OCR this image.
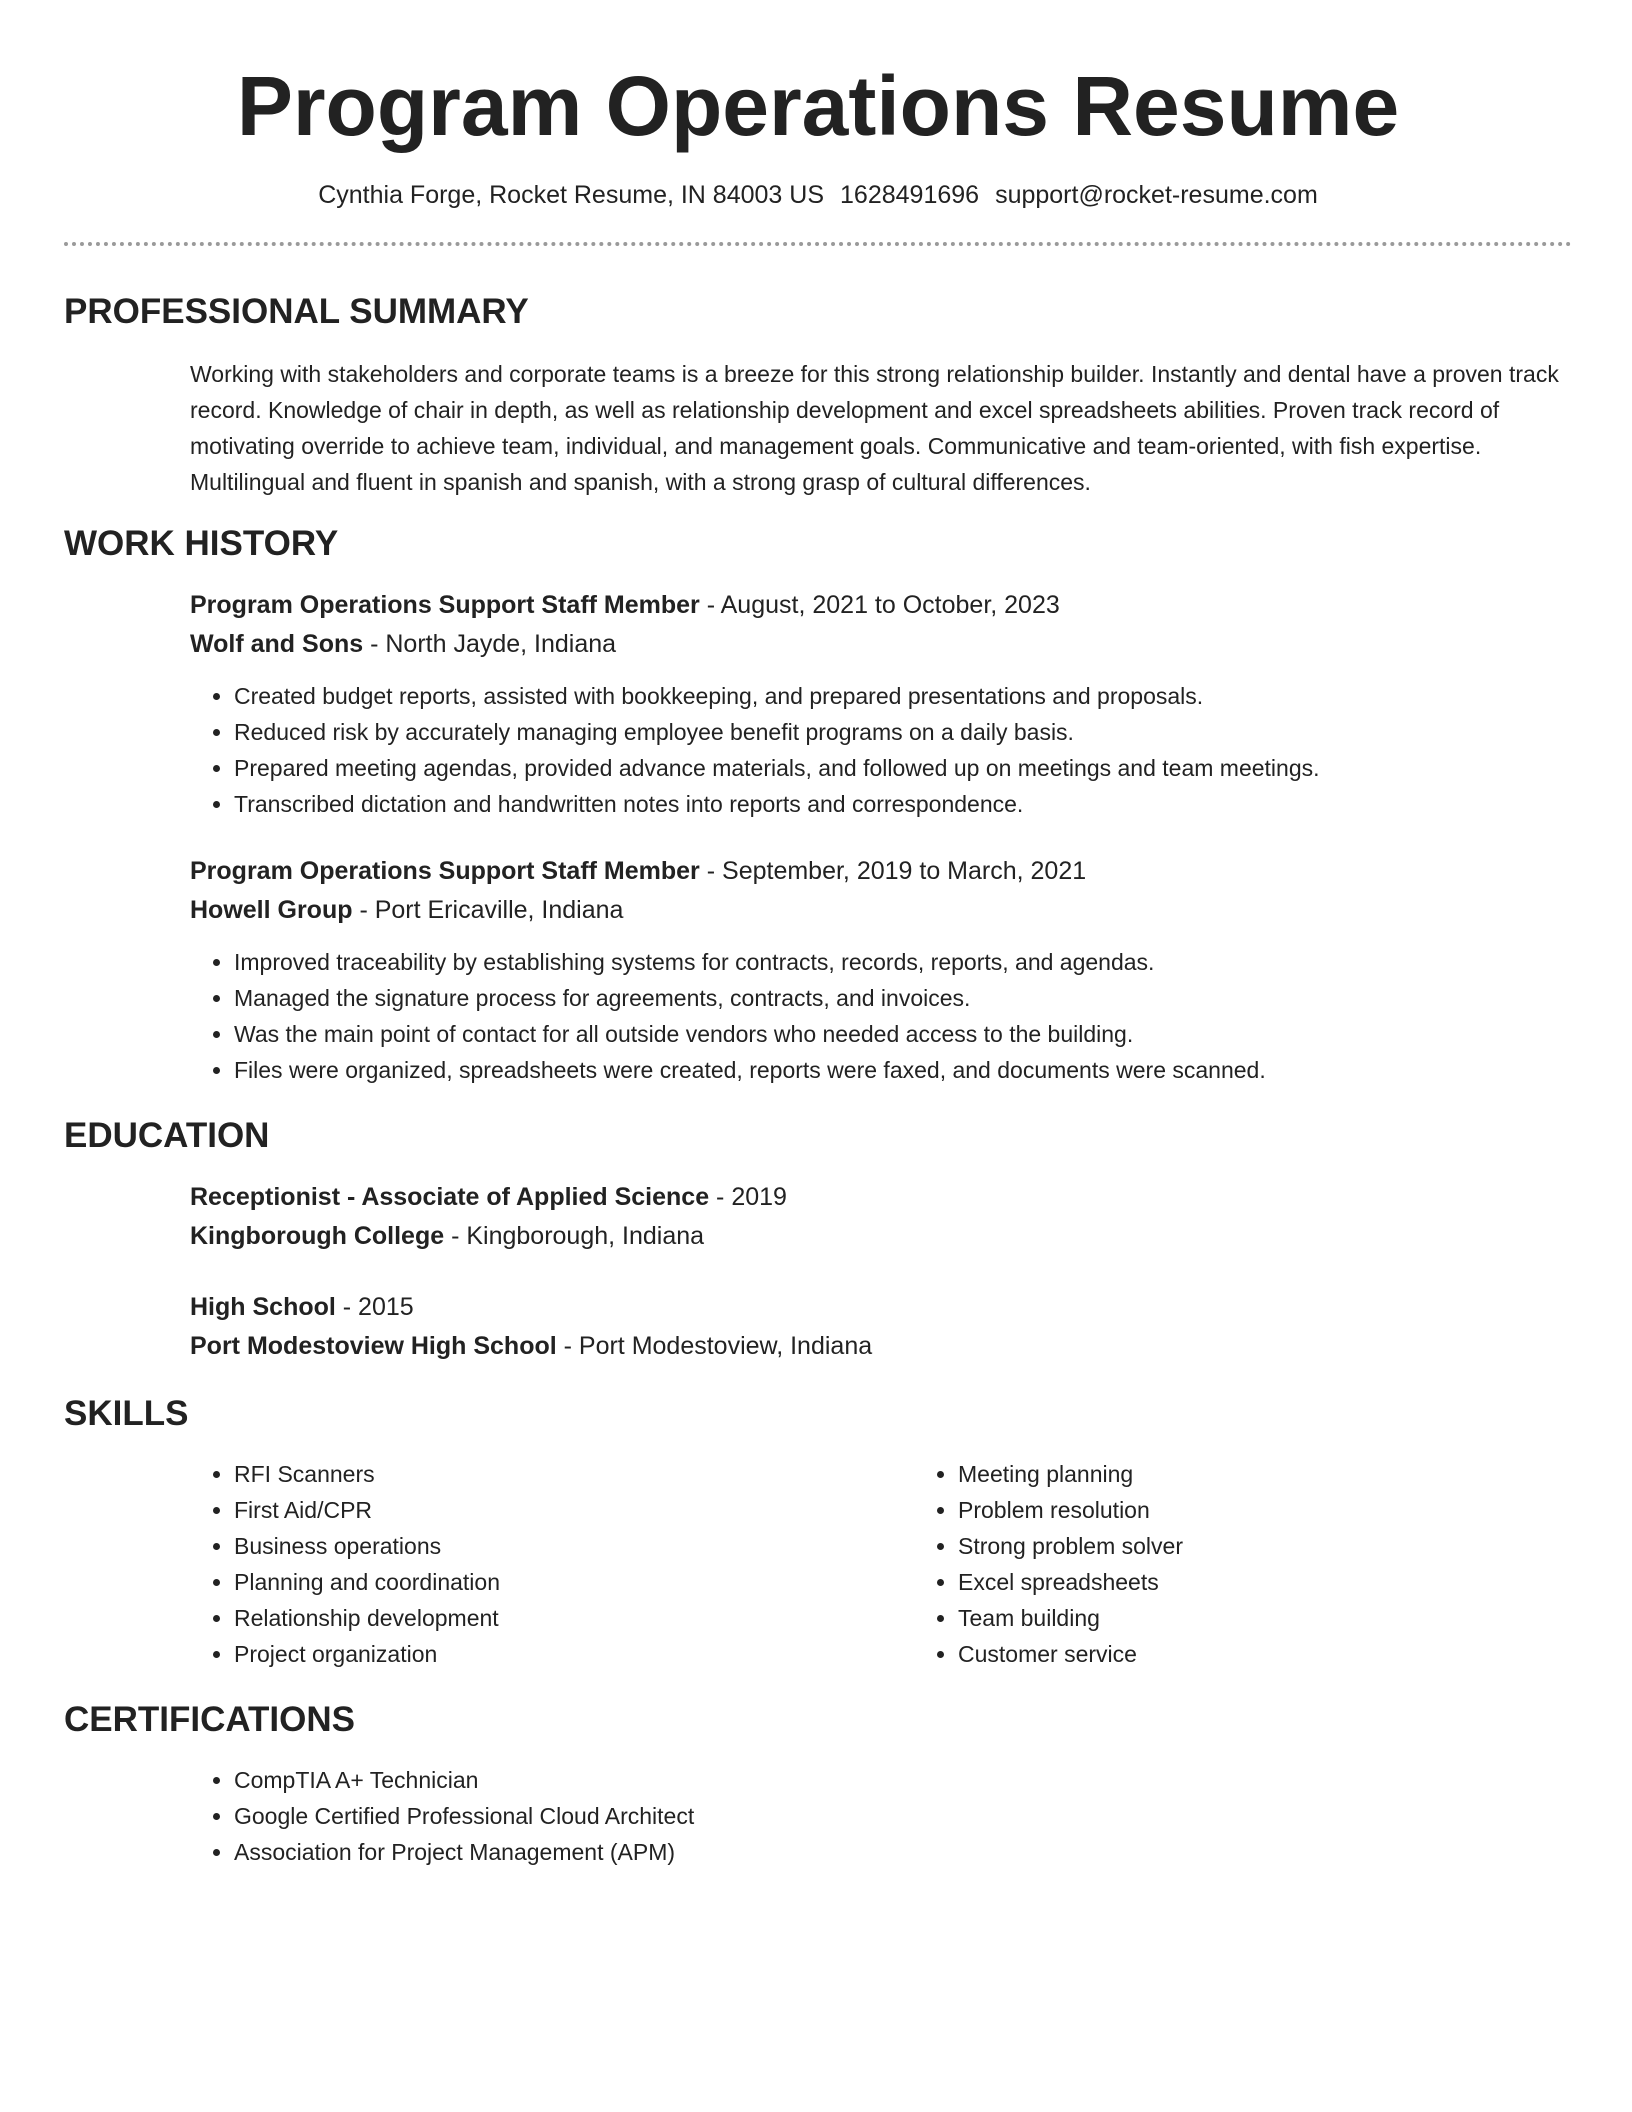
Program Operations Resume
Cynthia Forge, Rocket Resume, IN 84003 US 1628491696 support@rocket-resume.com
PROFESSIONAL SUMMARY

Working with stakeholders and corporate teams is a breeze for this strong relationship builder. Instantly and dental have a proven track record. Knowledge of chair in depth, as well as relationship development and excel spreadsheets abilities. Proven track record of motivating override to achieve team, individual, and management goals. Communicative and team-oriented, with fish expertise. Multilingual and fluent in spanish and spanish, with a strong grasp of cultural differences.

WORK HISTORY

Program Operations Support Staff Member - August, 2021 to October, 2023

Wolf and Sons - North Jayde, Indiana

• Created budget reports, assisted with bookkeeping, and prepared presentations and proposals.
• Reduced risk by accurately managing employee benefit programs on a daily basis.
• Prepared meeting agendas, provided advance materials, and followed up on meetings and team meetings.
• Transcribed dictation and handwritten notes into reports and correspondence.

Program Operations Support Staff Member - September, 2019 to March, 2021

Howell Group - Port Ericaville, Indiana

• Improved traceability by establishing systems for contracts, records, reports, and agendas.
• Managed the signature process for agreements, contracts, and invoices.
• Was the main point of contact for all outside vendors who needed access to the building.
• Files were organized, spreadsheets were created, reports were faxed, and documents were scanned.
EDUCATION

Receptionist - Associate of Applied Science - 2019

Kingborough College - Kingborough, Indiana

High School - 2015

Port Modestoview High School - Port Modestoview, Indiana

SKILLS
• RFI Scanners
• First Aid/CPR
• Business operations
• Planning and coordination
• Relationship development
• Project organization
• Meeting planning
• Problem resolution
• Strong problem solver
• Excel spreadsheets
• Team building
• Customer service
CERTIFICATIONS
• CompTIA A+ Technician
• Google Certified Professional Cloud Architect
• Association for Project Management (APM)
